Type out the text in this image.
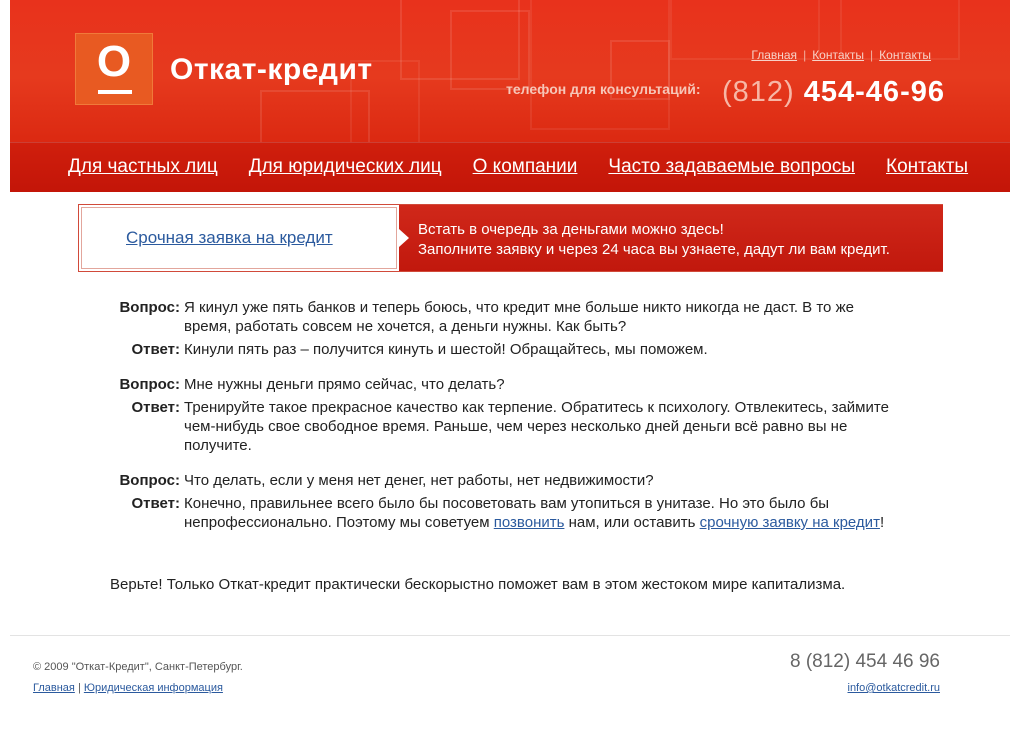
О	Откат-кредит	Главная | Контакты | Контакты
телефон для консультаций: (812) 454-46-96
Для частных лиц Для юридических лиц О компании Часто задаваемые вопросы Контакты
Срочная заявка на кредит	Встать в очередь за деньгами можно здесь!
Заполните заявку и через 24 часа вы узнаете, дадут ли вам кредит.
Вопрос: Я кинул уже пять банков и теперь боюсь, что кредит мне больше никто никогда не даст. В то же время, работать совсем не хочется, а деньги нужны. Как быть?
Ответ: Кинули пять раз – получится кинуть и шестой! Обращайтесь, мы поможем.
Вопрос: Мне нужны деньги прямо сейчас, что делать?
Ответ: Тренируйте такое прекрасное качество как терпение. Обратитесь к психологу. Отвлекитесь, займите чем-нибудь свое свободное время. Раньше, чем через несколько дней деньги всё равно вы не получите.
Вопрос: Что делать, если у меня нет денег, нет работы, нет недвижимости?
Ответ: Конечно, правильнее всего было бы посоветовать вам утопиться в унитазе. Но это было бы непрофессионально. Поэтому мы советуем позвонить нам, или оставить срочную заявку на кредит!
Верьте! Только Откат-кредит практически бескорыстно поможет вам в этом жестоком мире капитализма.
© 2009 "Откат-Кредит", Санкт-Петербург.
Главная | Юридическая информация
8 (812) 454 46 96
info@otkatcredit.ru
